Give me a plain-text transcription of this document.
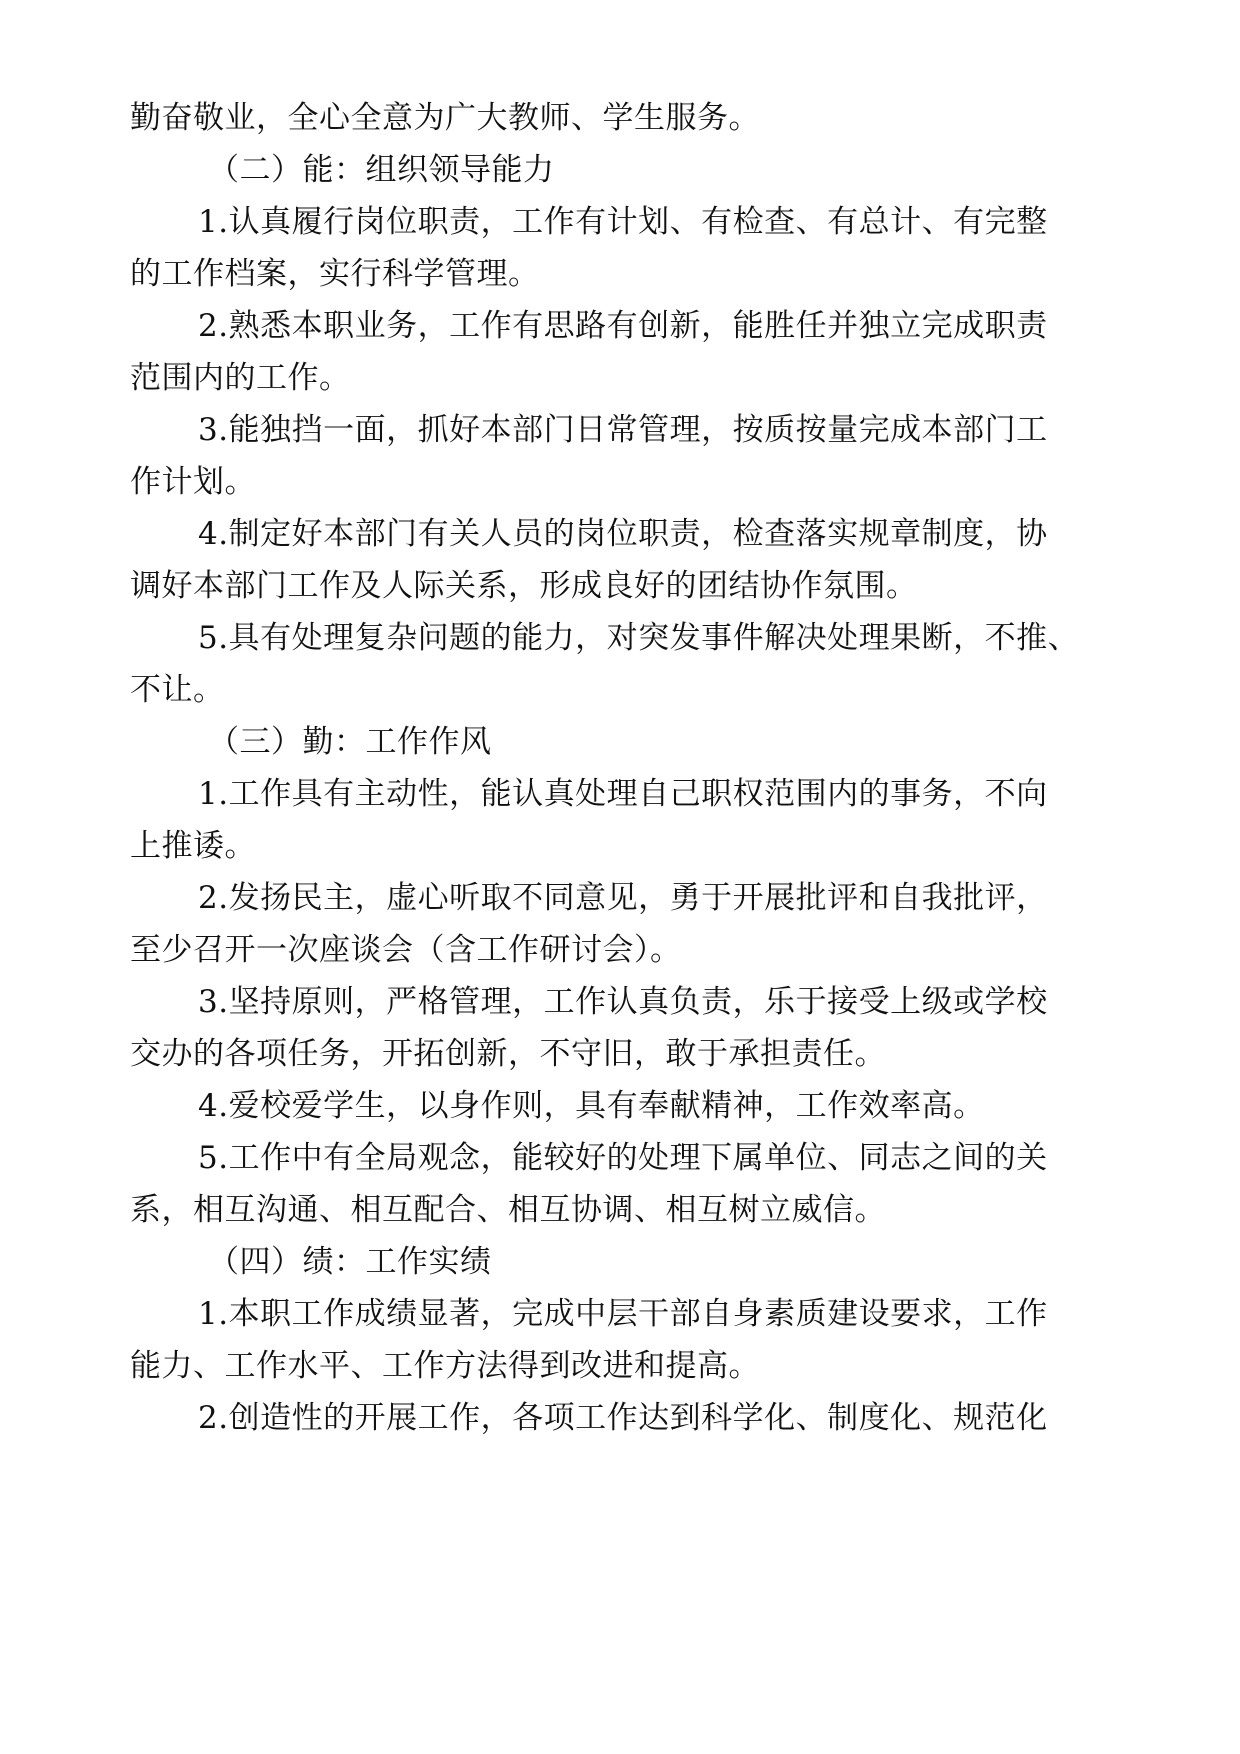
勤奋敬业，全心全意为广大教师、学生服务。
（二）能：组织领导能力
1.认真履行岗位职责，工作有计划、有检查、有总计、有完整
的工作档案，实行科学管理。
2.熟悉本职业务，工作有思路有创新，能胜任并独立完成职责
范围内的工作。
3.能独挡一面，抓好本部门日常管理，按质按量完成本部门工
作计划。
4.制定好本部门有关人员的岗位职责，检查落实规章制度，协
调好本部门工作及人际关系，形成良好的团结协作氛围。
5.具有处理复杂问题的能力，对突发事件解决处理果断，不推、
不让。
（三）勤：工作作风
1.工作具有主动性，能认真处理自己职权范围内的事务，不向
上推诿。
2.发扬民主，虚心听取不同意见，勇于开展批评和自我批评，
至少召开一次座谈会（含工作研讨会）。
3.坚持原则，严格管理，工作认真负责，乐于接受上级或学校
交办的各项任务，开拓创新，不守旧，敢于承担责任。
4.爱校爱学生，以身作则，具有奉献精神，工作效率高。
5.工作中有全局观念，能较好的处理下属单位、同志之间的关
系，相互沟通、相互配合、相互协调、相互树立威信。
（四）绩：工作实绩
1.本职工作成绩显著，完成中层干部自身素质建设要求，工作
能力、工作水平、工作方法得到改进和提高。
2.创造性的开展工作，各项工作达到科学化、制度化、规范化
